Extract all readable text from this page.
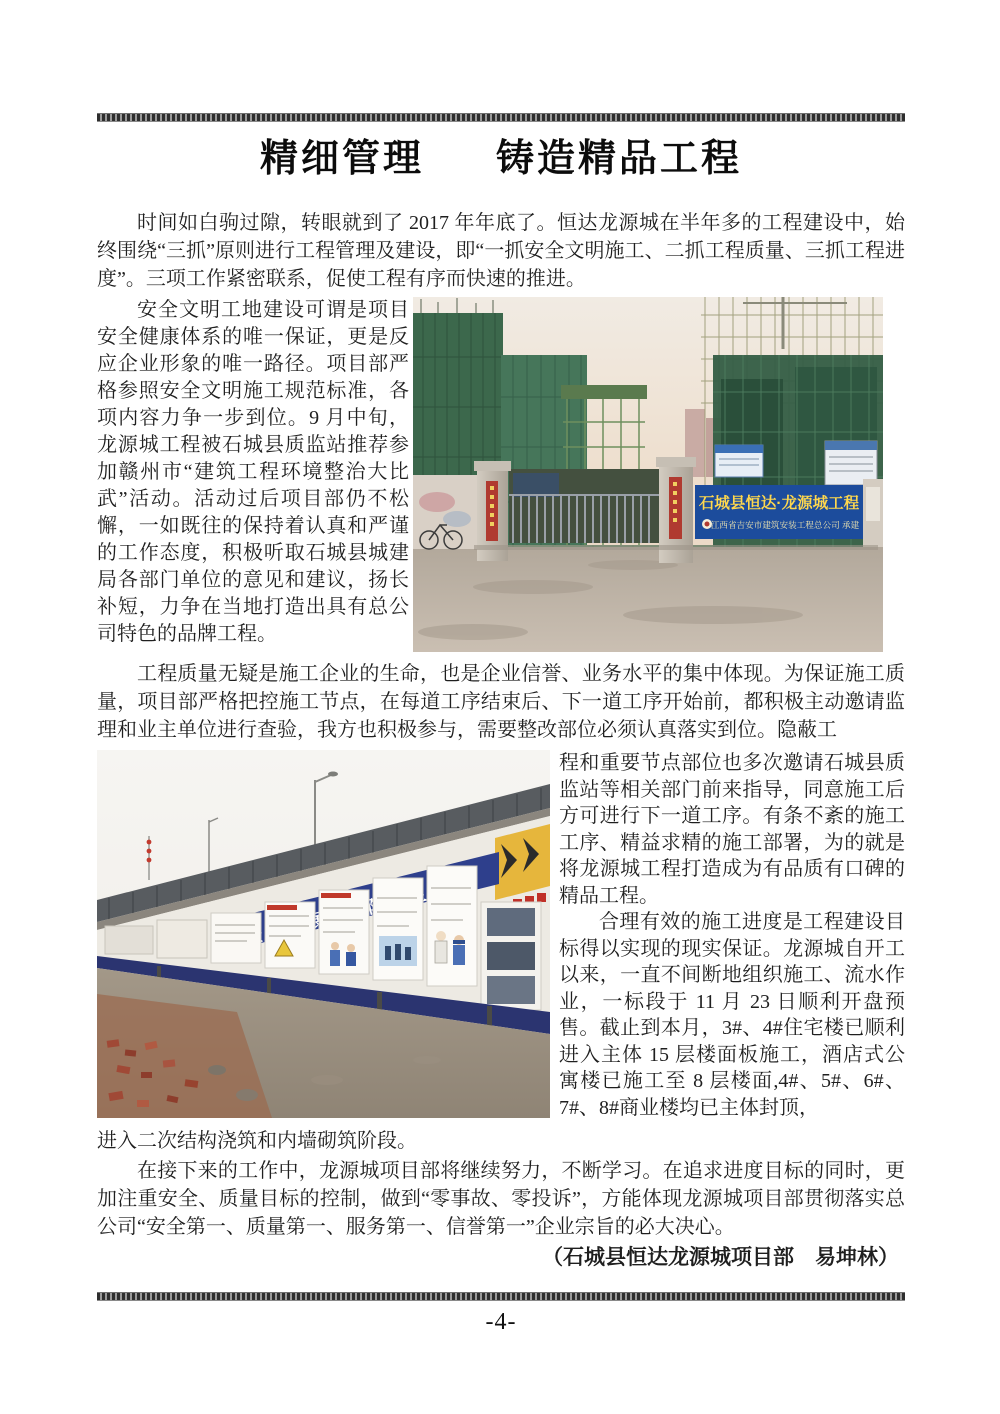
精细管理 铸造精品工程

时间如白驹过隙，转眼就到了 2017 年年底了。恒达龙源城在半年多的工程建设中，始终围绕“三抓”原则进行工程管理及建设，即“一抓安全文明施工、二抓工程质量、三抓工程进度”。三项工作紧密联系，促使工程有序而快速的推进。

安全文明工地建设可谓是项目安全健康体系的唯一保证，更是反应企业形象的唯一路径。项目部严格参照安全文明施工规范标准，各项内容力争一步到位。9 月中旬，龙源城工程被石城县质监站推荐参加赣州市“建筑工程环境整治大比武”活动。活动过后项目部仍不松懈，一如既往的保持着认真和严谨的工作态度，积极听取石城县城建局各部门单位的意见和建议，扬长补短，力争在当地打造出具有总公司特色的品牌工程。
石城县恒达·龙源城工程
江西省吉安市建筑安装工程总公司 承建

工程质量无疑是施工企业的生命，也是企业信誉、业务水平的集中体现。为保证施工质量，项目部严格把控施工节点，在每道工序结束后、下一道工序开始前，都积极主动邀请监理和业主单位进行查验，我方也积极参与，需要整改部位必须认真落实到位。隐蔽工

程和重要节点部位也多次邀请石城县质监站等相关部门前来指导，同意施工后方可进行下一道工序。有条不紊的施工工序、精益求精的施工部署，为的就是将龙源城工程打造成为有品质有口碑的精品工程。

合理有效的施工进度是工程建设目标得以实现的现实保证。龙源城自开工以来，一直不间断地组织施工、流水作业，一标段于 11 月 23 日顺利开盘预售。截止到本月，3#、4#住宅楼已顺利进入主体 15 层楼面板施工，酒店式公寓楼已施工至 8 层楼面,4#、5#、6#、7#、8#商业楼均已主体封顶，

进入二次结构浇筑和内墙砌筑阶段。

在接下来的工作中，龙源城项目部将继续努力，不断学习。在追求进度目标的同时，更加注重安全、质量目标的控制，做到“零事故、零投诉”，方能体现龙源城项目部贯彻落实总公司“安全第一、质量第一、服务第一、信誉第一”企业宗旨的必大决心。

（石城县恒达龙源城项目部　易坤林）

-4-
